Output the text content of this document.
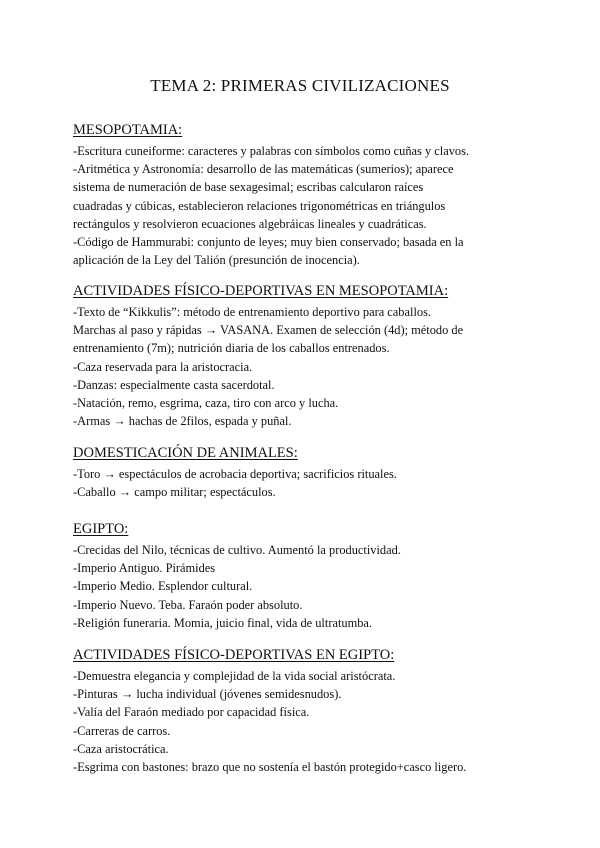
TEMA 2: PRIMERAS CIVILIZACIONES
MESOPOTAMIA:

-Escritura cuneiforme: caracteres y palabras con símbolos como cuñas y clavos.

-Aritmética y Astronomía: desarrollo de las matemáticas (sumerios); aparece

sistema de numeración de base sexagesimal; escribas calcularon raíces

cuadradas y cúbicas, establecieron relaciones trigonométricas en triángulos

rectángulos y resolvieron ecuaciones algebráicas lineales y cuadráticas.

-Código de Hammurabi: conjunto de leyes; muy bien conservado; basada en la

aplicación de la Ley del Talión (presunción de inocencia).

ACTIVIDADES FÍSICO-DEPORTIVAS EN MESOPOTAMIA:

-Texto de “Kikkulis”: método de entrenamiento deportivo para caballos.

Marchas al paso y rápidas → VASANA. Examen de selección (4d); método de

entrenamiento (7m); nutrición diaria de los caballos entrenados.

-Caza reservada para la aristocracia.

-Danzas: especialmente casta sacerdotal.

-Natación, remo, esgrima, caza, tiro con arco y lucha.

-Armas → hachas de 2filos, espada y puñal.

DOMESTICACIÓN DE ANIMALES:

-Toro → espectáculos de acrobacia deportiva; sacrificios rituales.

-Caballo → campo militar; espectáculos.

EGIPTO:

-Crecidas del Nilo, técnicas de cultivo. Aumentó la productividad.

-Imperio Antiguo. Pirámides

-Imperio Medio. Esplendor cultural.

-Imperio Nuevo. Teba. Faraón poder absoluto.

-Religión funeraria. Momia, juicio final, vida de ultratumba.

ACTIVIDADES FÍSICO-DEPORTIVAS EN EGIPTO:

-Demuestra elegancia y complejidad de la vida social aristócrata.

-Pinturas → lucha individual (jóvenes semidesnudos).

-Valía del Faraón mediado por capacidad física.

-Carreras de carros.

-Caza aristocrática.

-Esgrima con bastones: brazo que no sostenía el bastón protegido+casco ligero.
